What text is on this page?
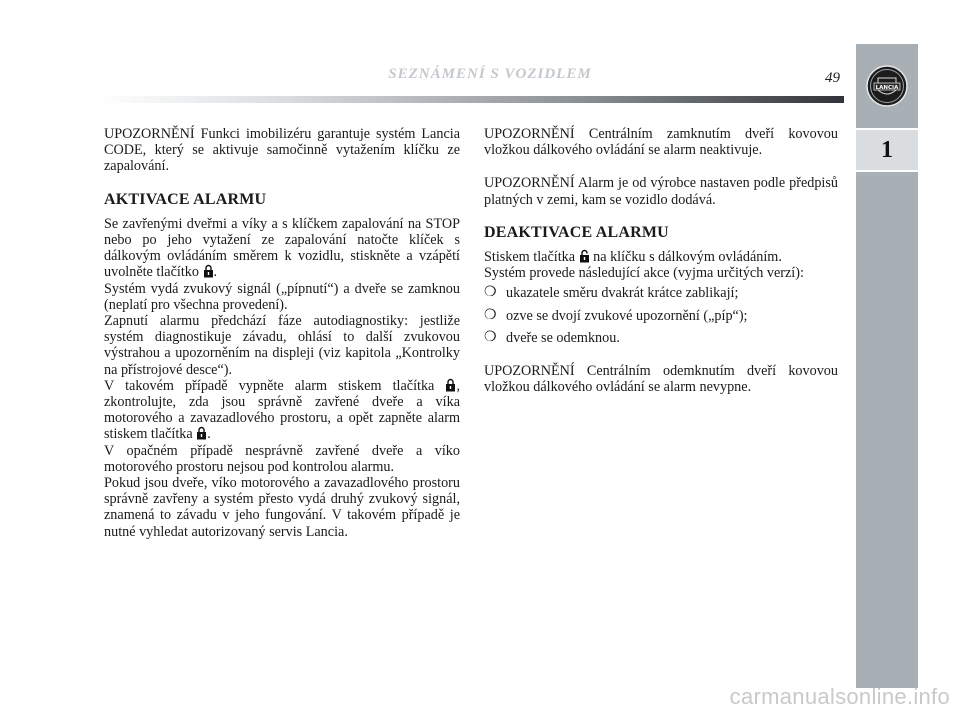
SEZNÁMENÍ S VOZIDLEM	49
LANCIA
1

UPOZORNĚNÍ Funkci imobilizéru garantuje systém Lancia CODE, který se aktivuje samočinně vytažením klíčku ze zapalování.

AKTIVACE ALARMU

Se zavřenými dveřmi a víky a s klíčkem zapalování na STOP nebo po jeho vytažení ze zapalování natočte klíček s dálkovým ovládáním směrem k vozidlu, stiskněte a vzápětí uvolněte tlačítko .

Systém vydá zvukový signál („pípnutí“) a dveře se zamknou (neplatí pro všechna provedení).

Zapnutí alarmu předchází fáze autodiagnostiky: jestliže systém diagnostikuje závadu, ohlásí to další zvukovou výstrahou a upozorněním na displeji (viz kapitola „Kontrolky na přístrojové desce“).

V takovém případě vypněte alarm stiskem tlačítka , zkontrolujte, zda jsou správně zavřené dveře a víka motorového a zavazadlového prostoru, a opět zapněte alarm stiskem tlačítka .

V opačném případě nesprávně zavřené dveře a víko motorového prostoru nejsou pod kontrolou alarmu.

Pokud jsou dveře, víko motorového a zavazadlového prostoru správně zavřeny a systém přesto vydá druhý zvukový signál, znamená to závadu v jeho fungování. V takovém případě je nutné vyhledat autorizovaný servis Lancia.

UPOZORNĚNÍ Centrálním zamknutím dveří kovovou vložkou dálkového ovládání se alarm neaktivuje.

UPOZORNĚNÍ Alarm je od výrobce nastaven podle předpisů platných v zemi, kam se vozidlo dodává.

DEAKTIVACE ALARMU

Stiskem tlačítka  na klíčku s dálkovým ovládáním.

Systém provede následující akce (vyjma určitých verzí):

❍ ukazatele směru dvakrát krátce zablikají;
❍ ozve se dvojí zvukové upozornění („píp“);
❍ dveře se odemknou.

UPOZORNĚNÍ Centrálním odemknutím dveří kovovou vložkou dálkového ovládání se alarm nevypne.

carmanualsonline.info
